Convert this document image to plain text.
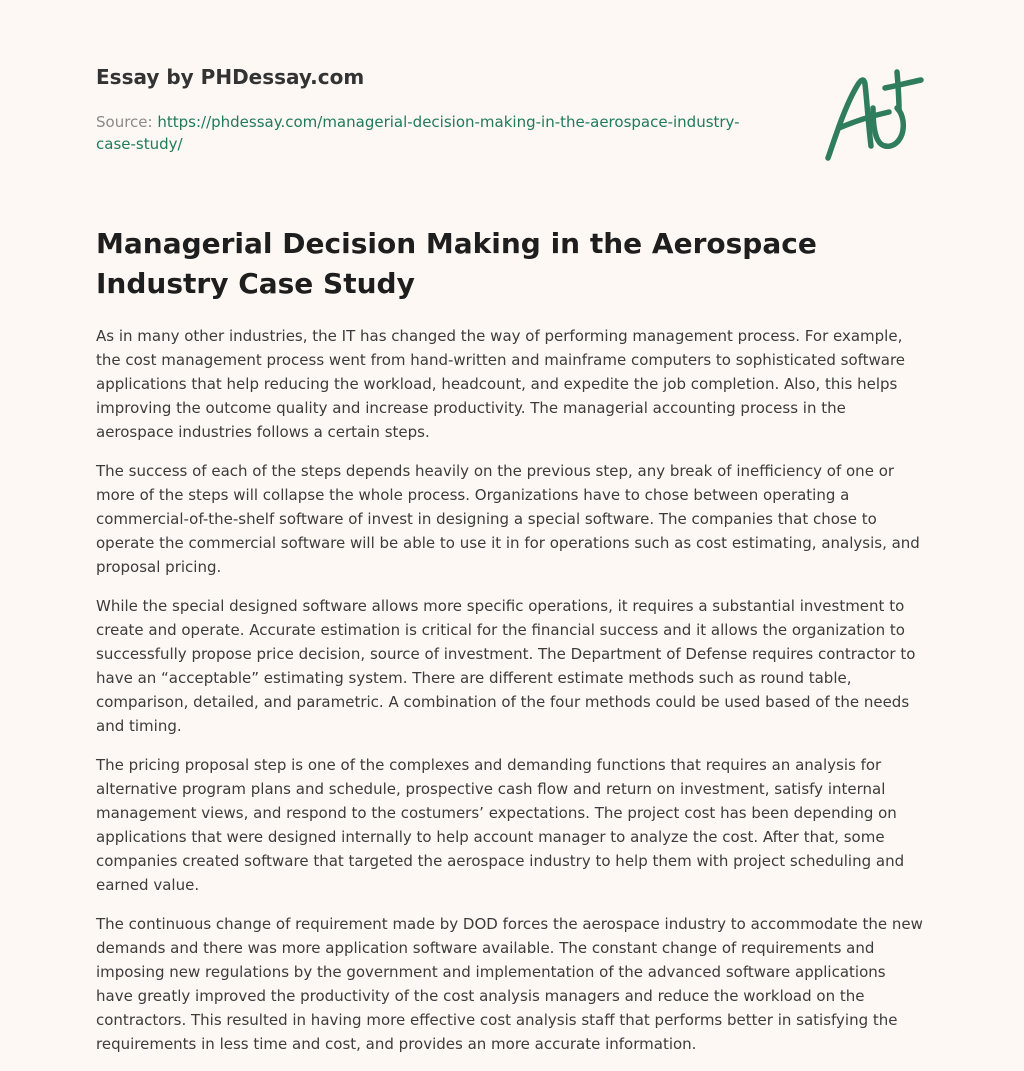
Essay by PHDessay.com
Source: https://phdessay.com/managerial-decision-making-in-the-aerospace-industry-case-study/
Managerial Decision Making in the Aerospace Industry Case Study

As in many other industries, the IT has changed the way of performing management process. For example, the cost management process went from hand-written and mainframe computers to sophisticated software applications that help reducing the workload, headcount, and expedite the job completion. Also, this helps improving the outcome quality and increase productivity. The managerial accounting process in the aerospace industries follows a certain steps.

The success of each of the steps depends heavily on the previous step, any break of inefficiency of one or more of the steps will collapse the whole process. Organizations have to chose between operating a commercial-of-the-shelf software of invest in designing a special software. The companies that chose to operate the commercial software will be able to use it in for operations such as cost estimating, analysis, and proposal pricing.

While the special designed software allows more specific operations, it requires a substantial investment to create and operate. Accurate estimation is critical for the financial success and it allows the organization to successfully propose price decision, source of investment. The Department of Defense requires contractor to have an “acceptable” estimating system. There are different estimate methods such as round table, comparison, detailed, and parametric. A combination of the four methods could be used based of the needs and timing.

The pricing proposal step is one of the complexes and demanding functions that requires an analysis for alternative program plans and schedule, prospective cash flow and return on investment, satisfy internal management views, and respond to the costumers’ expectations. The project cost has been depending on applications that were designed internally to help account manager to analyze the cost. After that, some companies created software that targeted the aerospace industry to help them with project scheduling and earned value.

The continuous change of requirement made by DOD forces the aerospace industry to accommodate the new demands and there was more application software available. The constant change of requirements and imposing new regulations by the government and implementation of the advanced software applications have greatly improved the productivity of the cost analysis managers and reduce the workload on the contractors. This resulted in having more effective cost analysis staff that performs better in satisfying the requirements in less time and cost, and provides an more accurate information.
